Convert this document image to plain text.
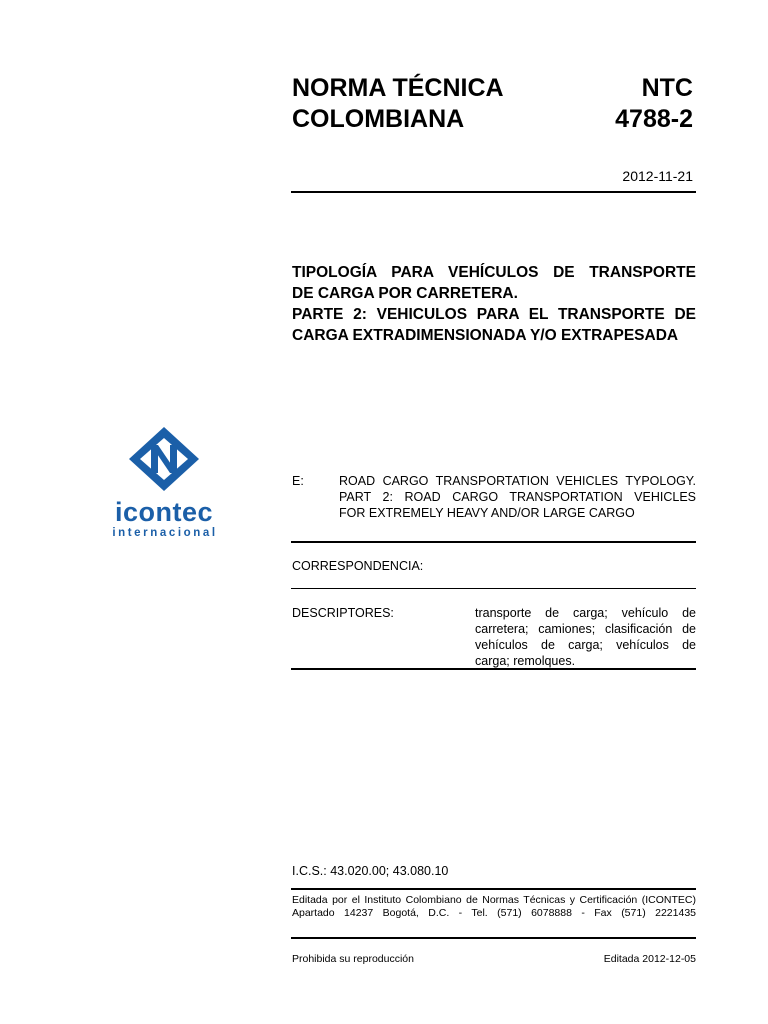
NORMA TÉCNICA
COLOMBIANA
NTC
4788-2
2012-11-21
TIPOLOGÍA PARA VEHÍCULOS DE TRANSPORTE
DE CARGA POR CARRETERA.
PARTE 2: VEHICULOS PARA EL TRANSPORTE DE
CARGA EXTRADIMENSIONADA Y/O EXTRAPESADA
icontec
internacional
E:	ROAD CARGO TRANSPORTATION VEHICLES TYPOLOGY.
PART 2: ROAD CARGO TRANSPORTATION VEHICLES
FOR EXTREMELY HEAVY AND/OR LARGE CARGO
CORRESPONDENCIA:
DESCRIPTORES:	transporte de carga; vehículo de
carretera; camiones; clasificación de
vehículos de carga; vehículos de
carga; remolques.
I.C.S.: 43.020.00; 43.080.10
Editada por el Instituto Colombiano de Normas Técnicas y Certificación (ICONTEC)
Apartado 14237 Bogotá, D.C. - Tel. (571) 6078888 - Fax (571) 2221435
Prohibida su reproducción	Editada 2012-12-05
